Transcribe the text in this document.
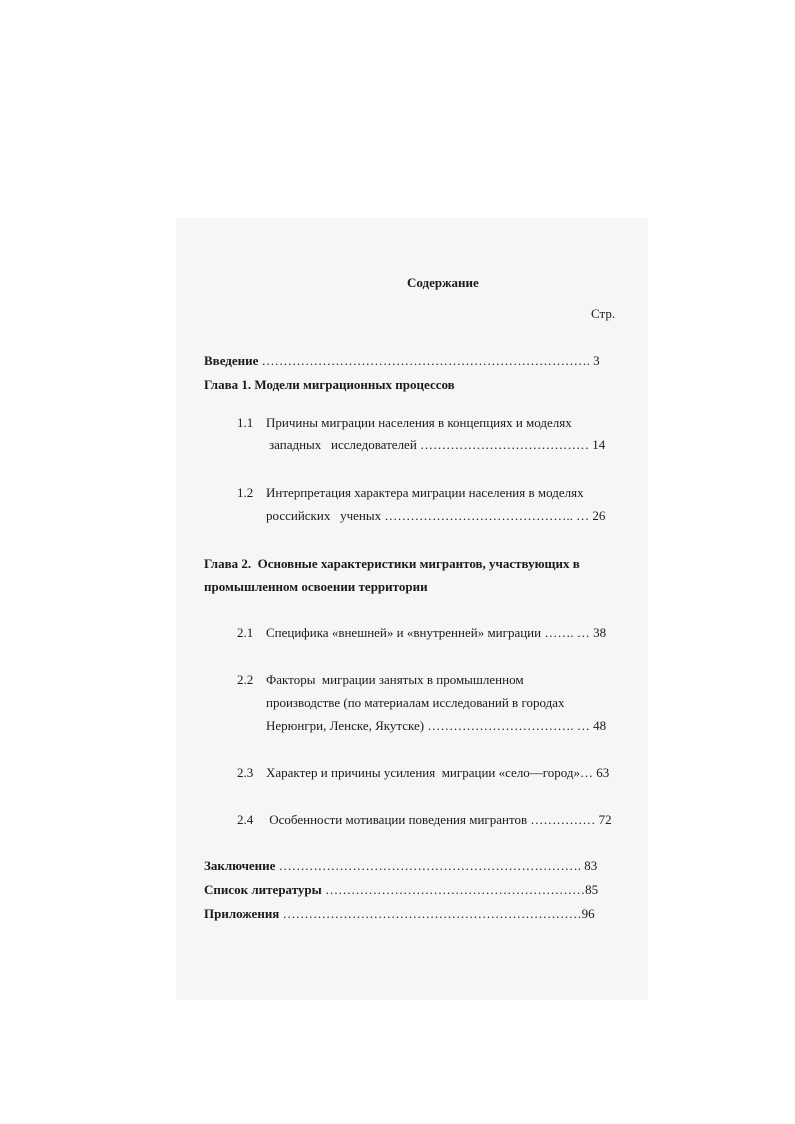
Содержание
Стр.
Введение …………………………………………………………………. 3
Глава 1. Модели миграционных процессов
1.1 Причины миграции населения в концепциях и моделях
западных   исследователей ………………………………… 14
1.2 Интерпретация характера миграции населения в моделях
российских   ученых …………………………………….. … 26
Глава 2.  Основные характеристики мигрантов, участвующих в
промышленном освоении территории
2.1 Специфика «внешней» и «внутренней» миграции ……. … 38
2.2 Факторы  миграции занятых в промышленном
производстве (по материалам исследований в городах
Нерюнгри, Ленске, Якутске) ……………………………. … 48
2.3 Характер и причины усиления  миграции «село—город»… 63
2.4 Особенности мотивации поведения мигрантов …………… 72
Заключение ……………………………………………………………. 83
Список литературы ……………………………………………………85
Приложения ……………………………………………………………96
